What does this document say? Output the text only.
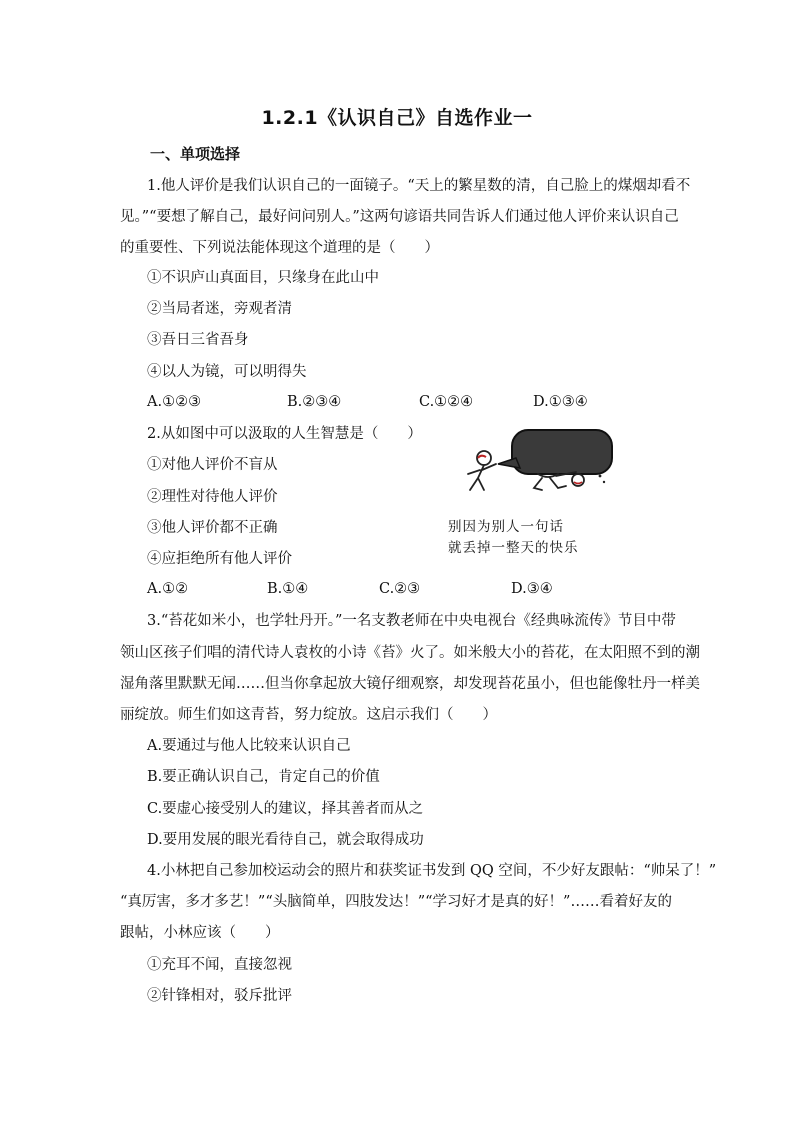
1.2.1《认识自己》自选作业一
一、单项选择
1.他人评价是我们认识自己的一面镜子。“天上的繁星数的清，自己脸上的煤烟却看不
见。”“要想了解自己，最好问问别人。”这两句谚语共同告诉人们通过他人评价来认识自己
的重要性、下列说法能体现这个道理的是（　　）
①不识庐山真面目，只缘身在此山中
②当局者迷，旁观者清
③吾日三省吾身
④以人为镜，可以明得失
A.①②③	B.②③④	C.①②④	D.①③④
2.从如图中可以汲取的人生智慧是（　　）
①对他人评价不盲从
②理性对待他人评价
③他人评价都不正确
④应拒绝所有他人评价
A.①②	B.①④	C.②③	D.③④
别因为别人一句话
就丢掉一整天的快乐
3.“苔花如米小，也学牡丹开。”一名支教老师在中央电视台《经典咏流传》节目中带
领山区孩子们唱的清代诗人袁枚的小诗《苔》火了。如米般大小的苔花，在太阳照不到的潮
湿角落里默默无闻……但当你拿起放大镜仔细观察，却发现苔花虽小，但也能像牡丹一样美
丽绽放。师生们如这青苔，努力绽放。这启示我们（　　）
A.要通过与他人比较来认识自己
B.要正确认识自己，肯定自己的价值
C.要虚心接受别人的建议，择其善者而从之
D.要用发展的眼光看待自己，就会取得成功
4.小林把自己参加校运动会的照片和获奖证书发到 QQ 空间，不少好友跟帖：“帅呆了！”
“真厉害，多才多艺！”“头脑简单，四肢发达！”“学习好才是真的好！”……看着好友的
跟帖，小林应该（　　）
①充耳不闻，直接忽视
②针锋相对，驳斥批评
